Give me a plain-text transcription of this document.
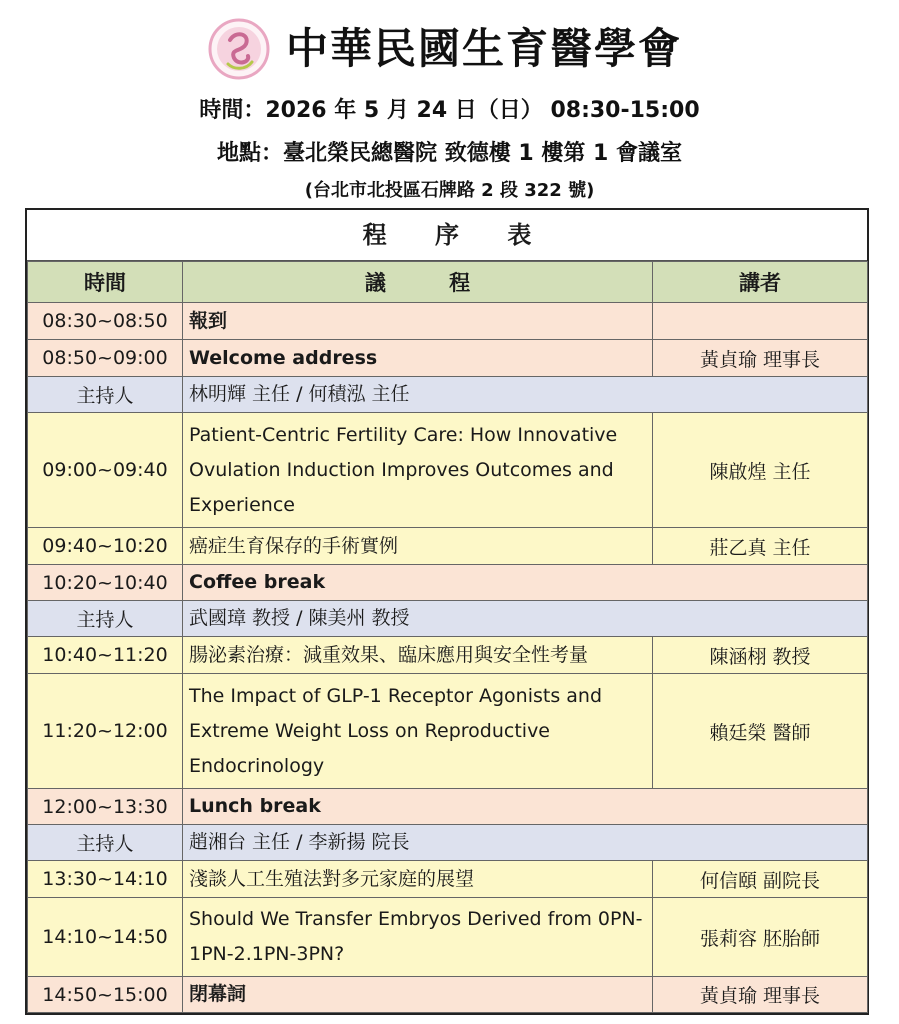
中華民國生育醫學會
時間：2026 年 5 月 24 日（日） 08:30-15:00
地點：臺北榮民總醫院 致德樓 1 樓第 1 會議室
(台北市北投區石牌路 2 段 322 號)
程 序 表
時間	議 程	講者
08:30~08:50	報到	
08:50~09:00	Welcome address	黃貞瑜 理事長
主持人	林明輝 主任 / 何積泓 主任	
09:00~09:40	Patient-Centric Fertility Care: How Innovative Ovulation Induction Improves Outcomes and Experience	陳啟煌 主任
09:40~10:20	癌症生育保存的手術實例	莊乙真 主任
10:20~10:40	Coffee break	
主持人	武國璋 教授 / 陳美州 教授	
10:40~11:20	腸泌素治療：減重效果、臨床應用與安全性考量	陳涵栩 教授
11:20~12:00	The Impact of GLP-1 Receptor Agonists and Extreme Weight Loss on Reproductive Endocrinology	賴廷榮 醫師
12:00~13:30	Lunch break	
主持人	趙湘台 主任 / 李新揚 院長	
13:30~14:10	淺談人工生殖法對多元家庭的展望	何信頤 副院長
14:10~14:50	Should We Transfer Embryos Derived from 0PN-1PN-2.1PN-3PN?	張莉容 胚胎師
14:50~15:00	閉幕詞	黃貞瑜 理事長
